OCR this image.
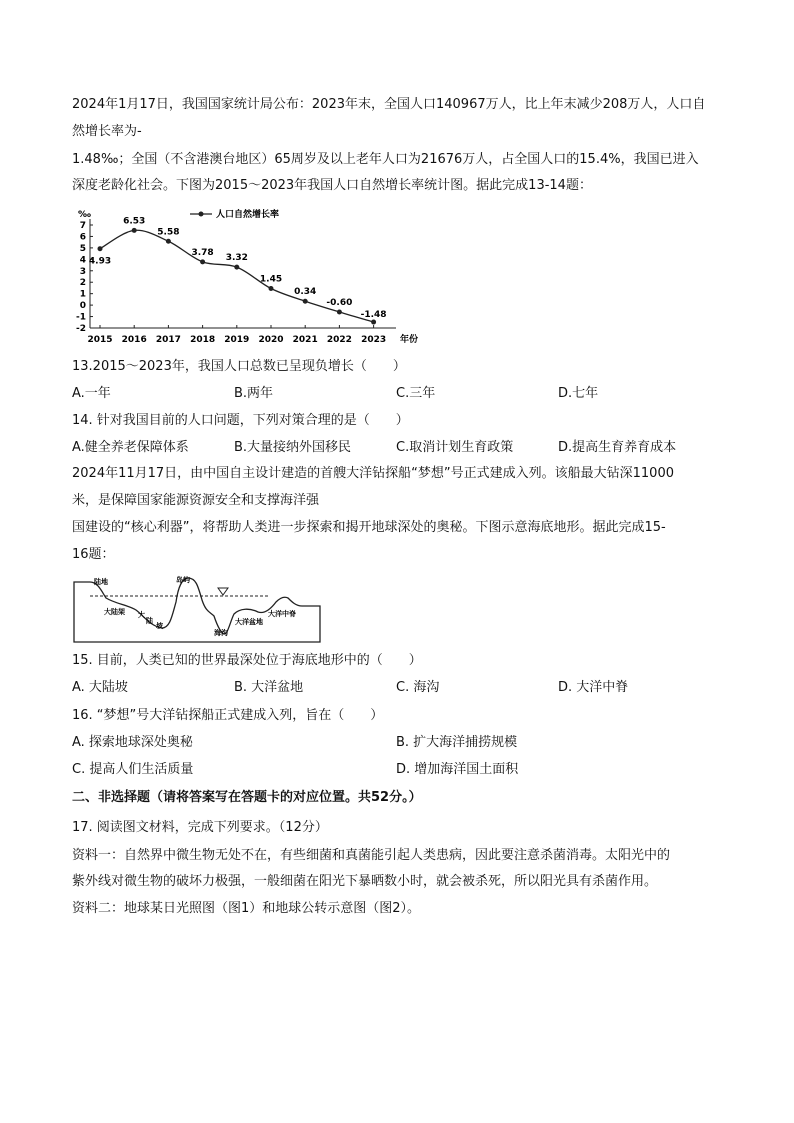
2024年1月17日，我国国家统计局公布：2023年末，全国人口140967万人，比上年末减少208万人，人口自
然增长率为-
1.48‰；全国（不含港澳台地区）65周岁及以上老年人口为21676万人，占全国人口的15.4%，我国已进入
深度老龄化社会。下图为2015～2023年我国人口自然增长率统计图。据此完成13-14题：
‰
7
6
5
4
3
2
1
0
-1
-2
2015 2016 2017 2018 2019 2020 2021 2022 2023 年份
人口自然增长率
4.93
6.53
5.58
3.78
3.32
1.45
0.34
-0.60
-1.48
13.2015～2023年，我国人口总数已呈现负增长（　　）
A.一年	B.两年	C.三年	D.七年
14. 针对我国目前的人口问题，下列对策合理的是（　　）
A.健全养老保障体系	B.大量接纳外国移民	C.取消计划生育政策	D.提高生育养育成本
2024年11月17日，由中国自主设计建造的首艘大洋钻探船“梦想”号正式建成入列。该船最大钻深11000
米，是保障国家能源资源安全和支撑海洋强
国建设的“核心利器”，将帮助人类进一步探索和揭开地球深处的奥秘。下图示意海底地形。据此完成15-
16题：
陆地	岛屿
大陆架 大
陆
坡
海沟
大洋盆地
大洋中脊
15. 目前，人类已知的世界最深处位于海底地形中的（　　）
A. 大陆坡	B. 大洋盆地	C. 海沟	D. 大洋中脊
16. “梦想”号大洋钻探船正式建成入列，旨在（　　）
A. 探索地球深处奥秘	B. 扩大海洋捕捞规模
C. 提高人们生活质量	D. 增加海洋国土面积
二、非选择题（请将答案写在答题卡的对应位置。共52分。）
17. 阅读图文材料，完成下列要求。（12分）
资料一：自然界中微生物无处不在，有些细菌和真菌能引起人类患病，因此要注意杀菌消毒。太阳光中的
紫外线对微生物的破坏力极强，一般细菌在阳光下暴晒数小时，就会被杀死，所以阳光具有杀菌作用。
资料二：地球某日光照图（图1）和地球公转示意图（图2）。
